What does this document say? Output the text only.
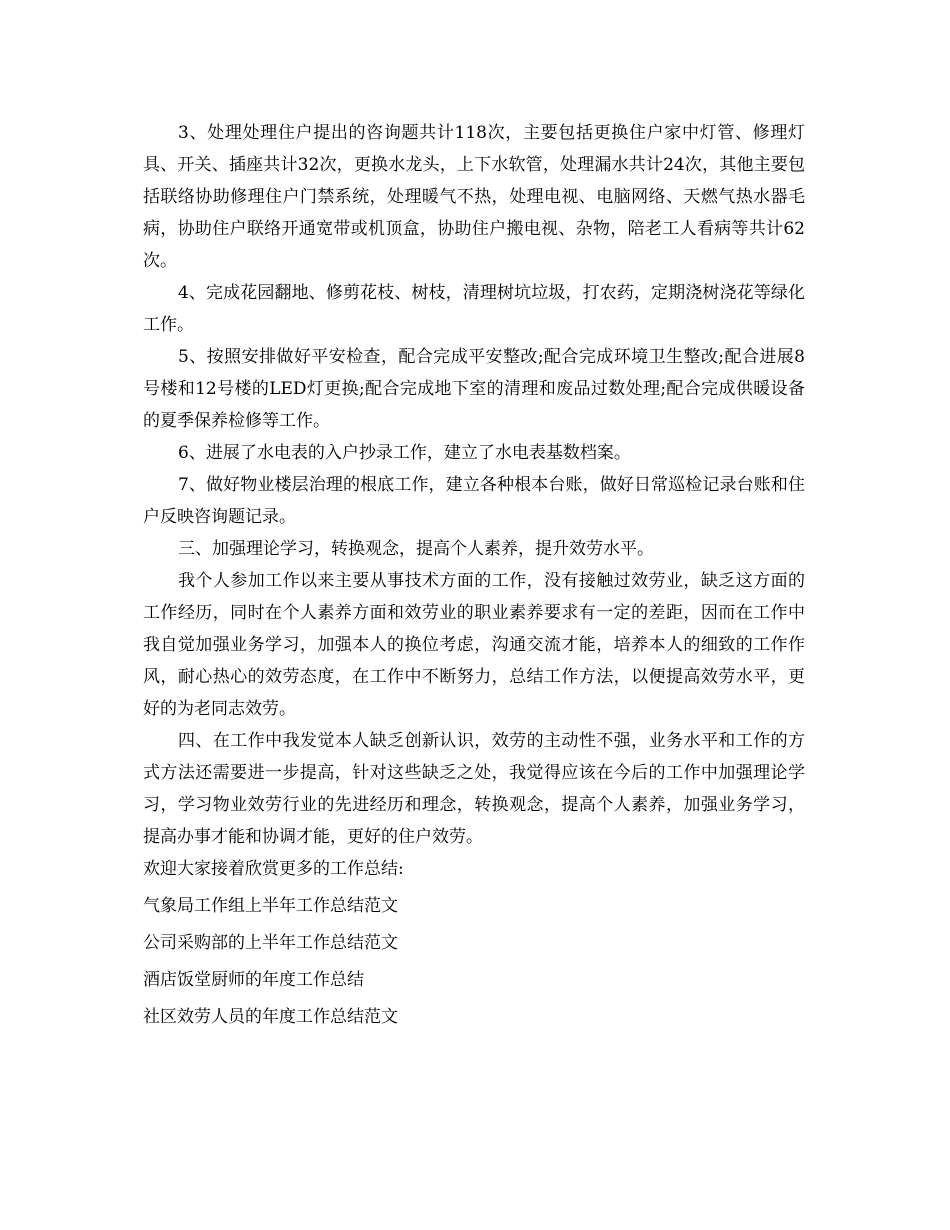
3、处理处理住户提出的咨询题共计118次，主要包括更换住户家中灯管、修理灯具、开关、插座共计32次，更换水龙头，上下水软管，处理漏水共计24次，其他主要包括联络协助修理住户门禁系统，处理暖气不热，处理电视、电脑网络、天燃气热水器毛病，协助住户联络开通宽带或机顶盒，协助住户搬电视、杂物，陪老工人看病等共计62次。

4、完成花园翻地、修剪花枝、树枝，清理树坑垃圾，打农药，定期浇树浇花等绿化工作。

5、按照安排做好平安检查，配合完成平安整改;配合完成环境卫生整改;配合进展8号楼和12号楼的LED灯更换;配合完成地下室的清理和废品过数处理;配合完成供暖设备的夏季保养检修等工作。

6、进展了水电表的入户抄录工作，建立了水电表基数档案。

7、做好物业楼层治理的根底工作，建立各种根本台账，做好日常巡检记录台账和住户反映咨询题记录。

三、加强理论学习，转换观念，提高个人素养，提升效劳水平。

我个人参加工作以来主要从事技术方面的工作，没有接触过效劳业，缺乏这方面的工作经历，同时在个人素养方面和效劳业的职业素养要求有一定的差距，因而在工作中我自觉加强业务学习，加强本人的换位考虑，沟通交流才能，培养本人的细致的工作作风，耐心热心的效劳态度，在工作中不断努力，总结工作方法，以便提高效劳水平，更好的为老同志效劳。

四、在工作中我发觉本人缺乏创新认识，效劳的主动性不强，业务水平和工作的方式方法还需要进一步提高，针对这些缺乏之处，我觉得应该在今后的工作中加强理论学习，学习物业效劳行业的先进经历和理念，转换观念，提高个人素养，加强业务学习，提高办事才能和协调才能，更好的住户效劳。

欢迎大家接着欣赏更多的工作总结:

气象局工作组上半年工作总结范文

公司采购部的上半年工作总结范文

酒店饭堂厨师的年度工作总结

社区效劳人员的年度工作总结范文
